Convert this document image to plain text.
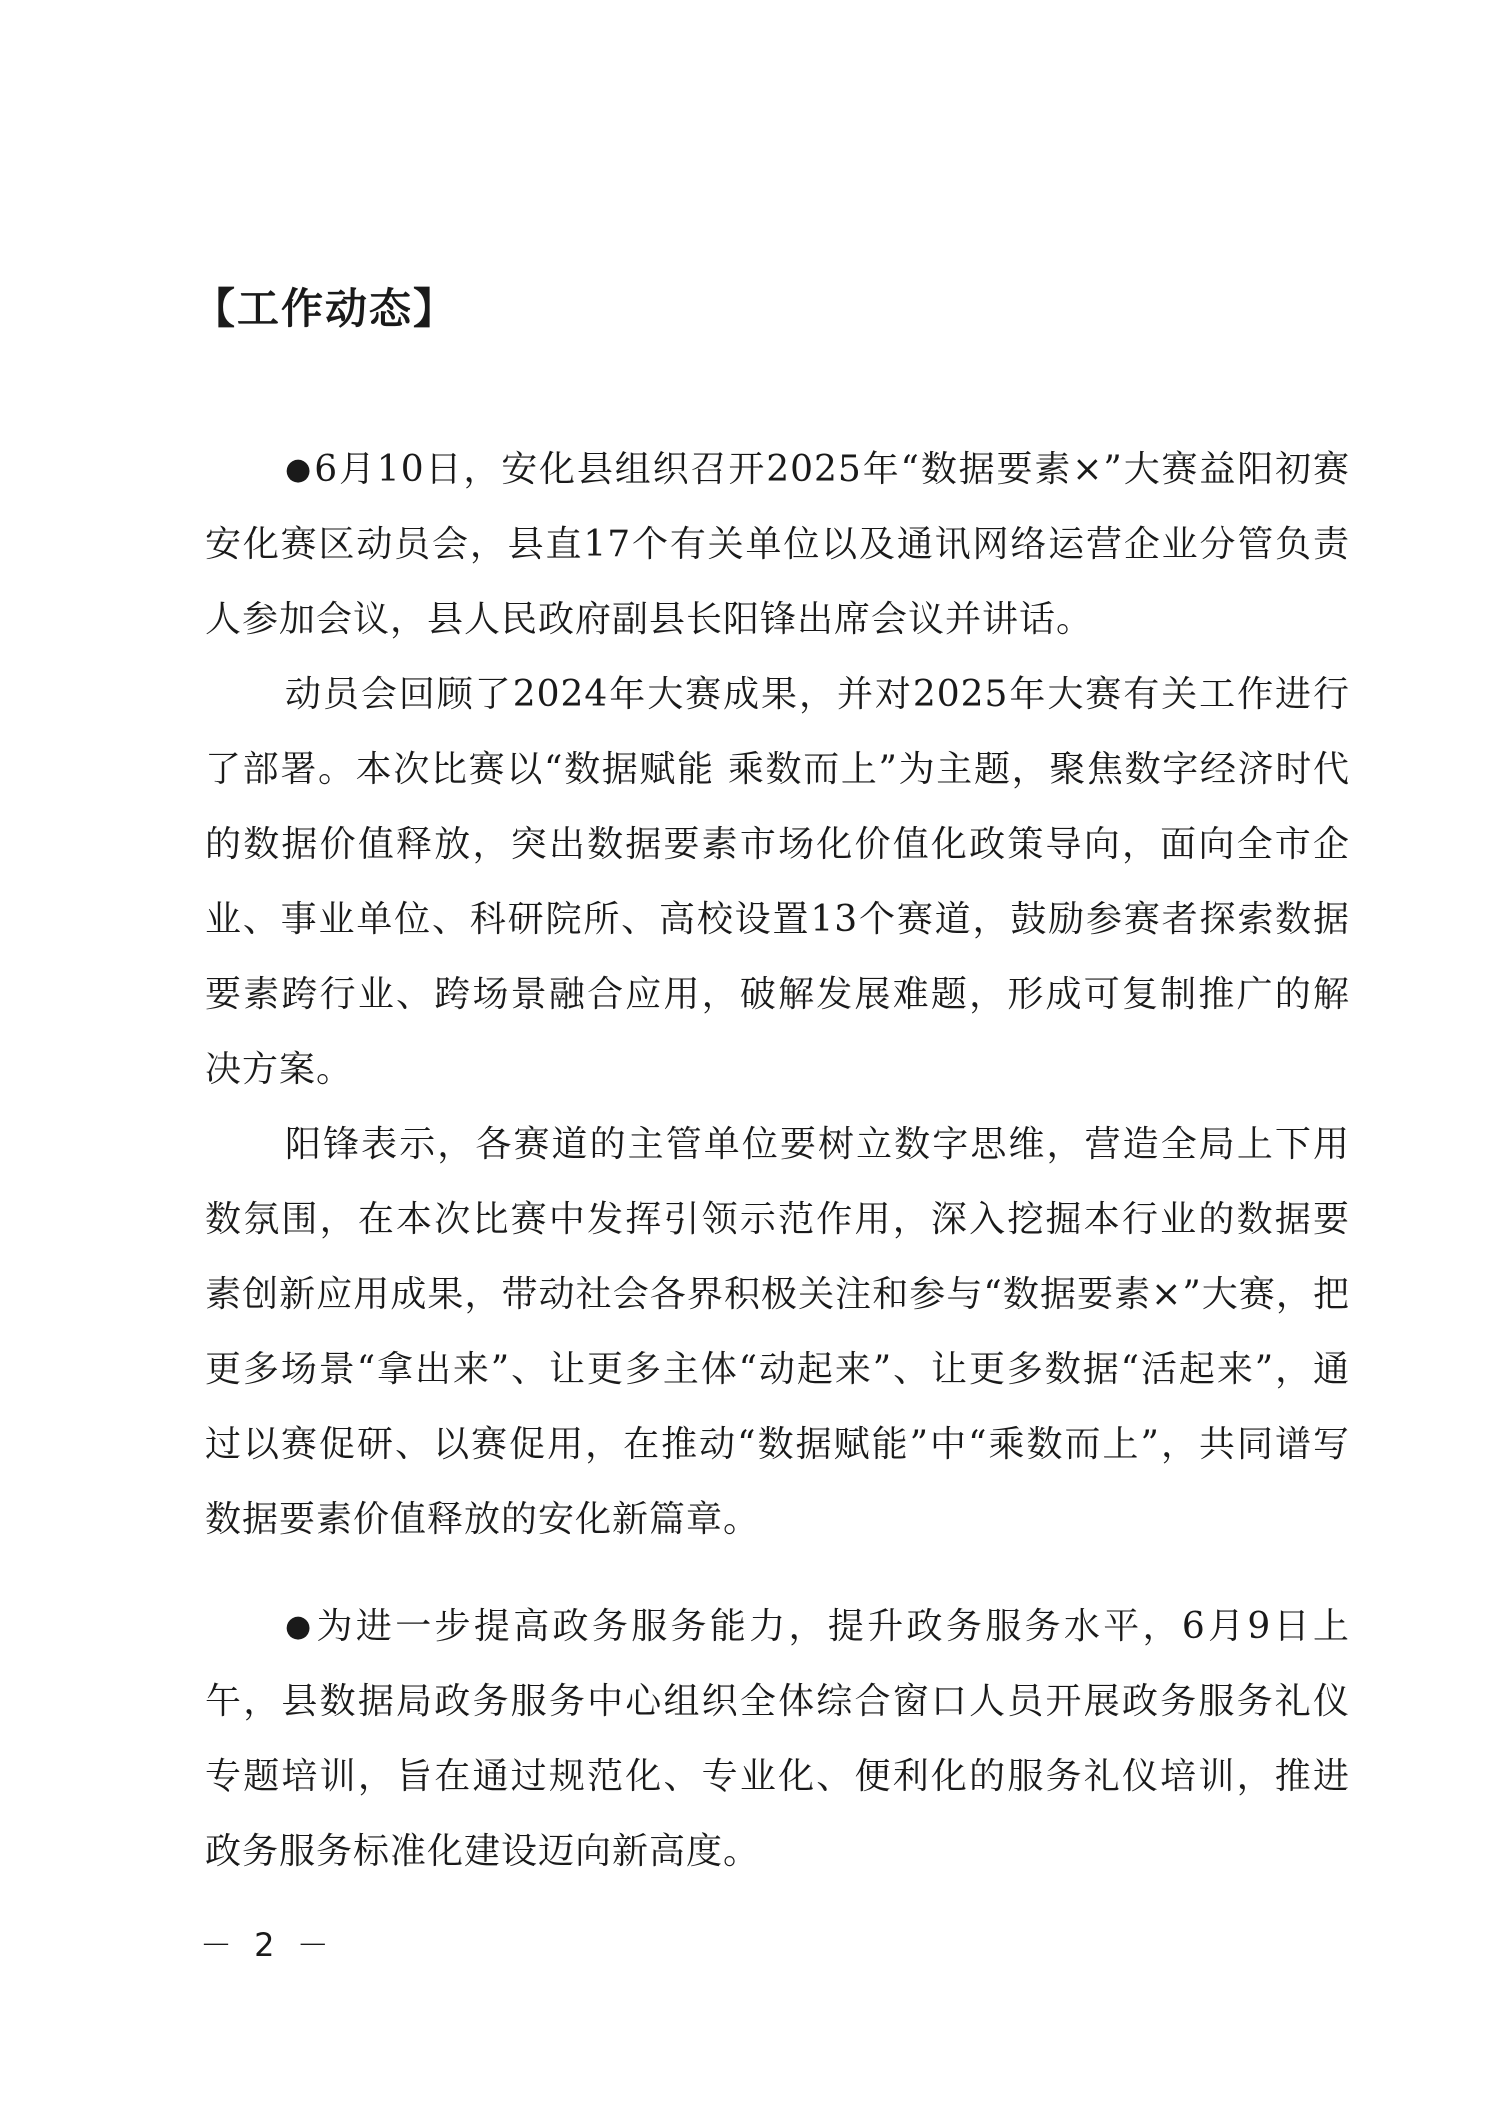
【工作动态】

●6月10日，安化县组织召开2025年“数据要素×”大赛益阳初赛安化赛区动员会，县直17个有关单位以及通讯网络运营企业分管负责人参加会议，县人民政府副县长阳锋出席会议并讲话。

动员会回顾了2024年大赛成果，并对2025年大赛有关工作进行了部署。本次比赛以“数据赋能 乘数而上”为主题，聚焦数字经济时代的数据价值释放，突出数据要素市场化价值化政策导向，面向全市企业、事业单位、科研院所、高校设置13个赛道，鼓励参赛者探索数据要素跨行业、跨场景融合应用，破解发展难题，形成可复制推广的解决方案。

阳锋表示，各赛道的主管单位要树立数字思维，营造全局上下用数氛围，在本次比赛中发挥引领示范作用，深入挖掘本行业的数据要素创新应用成果，带动社会各界积极关注和参与“数据要素×”大赛，把更多场景“拿出来”、让更多主体“动起来”、让更多数据“活起来”，通过以赛促研、以赛促用，在推动“数据赋能”中“乘数而上”，共同谱写数据要素价值释放的安化新篇章。

●为进一步提高政务服务能力，提升政务服务水平，6月9日上午，县数据局政务服务中心组织全体综合窗口人员开展政务服务礼仪专题培训，旨在通过规范化、专业化、便利化的服务礼仪培训，推进政务服务标准化建设迈向新高度。

－ 2 －
